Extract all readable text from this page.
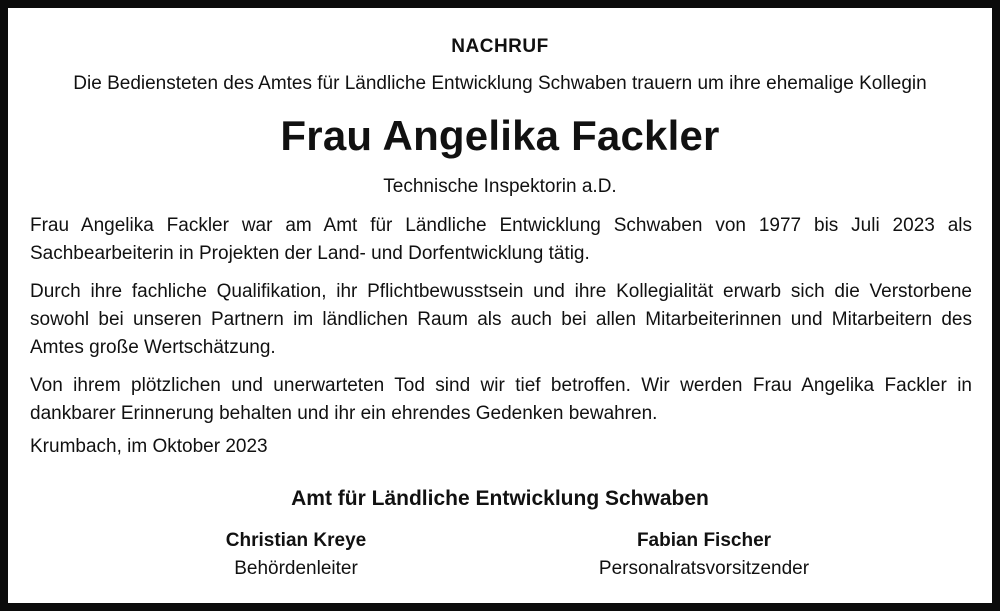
NACHRUF
Die Bediensteten des Amtes für Ländliche Entwicklung Schwaben trauern um ihre ehemalige Kollegin
Frau Angelika Fackler
Technische Inspektorin a.D.
Frau Angelika Fackler war am Amt für Ländliche Entwicklung Schwaben von 1977 bis Juli 2023 als Sachbearbeiterin in Projekten der Land- und Dorfentwicklung tätig.
Durch ihre fachliche Qualifikation, ihr Pflichtbewusstsein und ihre Kollegialität erwarb sich die Verstorbene sowohl bei unseren Partnern im ländlichen Raum als auch bei allen Mitarbeiterinnen und Mitarbeitern des Amtes große Wertschätzung.
Von ihrem plötzlichen und unerwarteten Tod sind wir tief betroffen. Wir werden Frau Angelika Fackler in dankbarer Erinnerung behalten und ihr ein ehrendes Gedenken bewahren.
Krumbach, im Oktober 2023
Amt für Ländliche Entwicklung Schwaben
Christian Kreye
Behördenleiter
Fabian Fischer
Personalratsvorsitzender
